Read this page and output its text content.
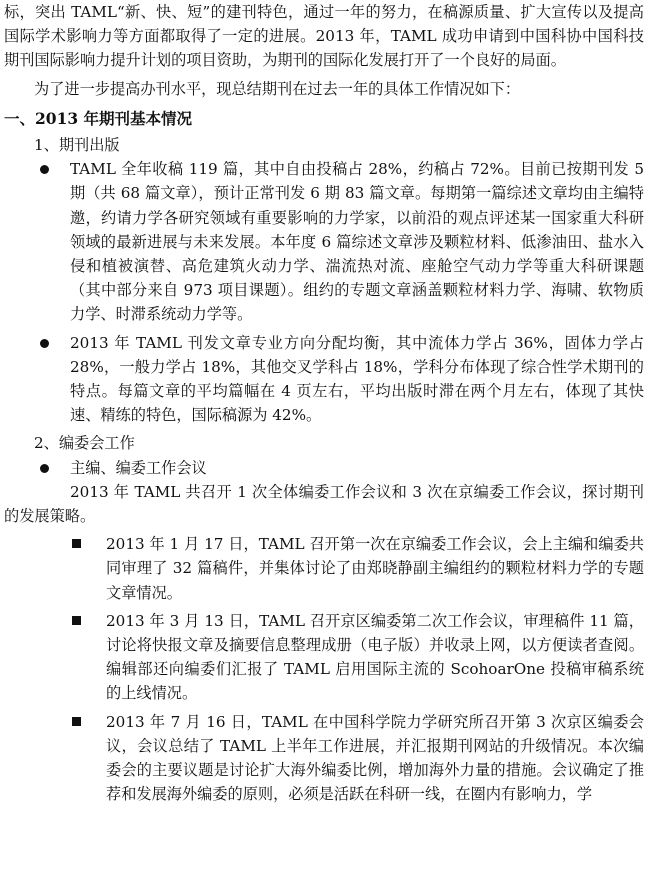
标，突出 TAML“新、快、短”的建刊特色，通过一年的努力，在稿源质量、扩大宣传以及提高国际学术影响力等方面都取得了一定的进展。2013 年，TAML 成功申请到中国科协中国科技期刊国际影响力提升计划的项目资助，为期刊的国际化发展打开了一个良好的局面。

为了进一步提高办刊水平，现总结期刊在过去一年的具体工作情况如下：

一、2013 年期刊基本情况

1、期刊出版

TAML 全年收稿 119 篇，其中自由投稿占 28%，约稿占 72%。目前已按期刊发 5 期（共 68 篇文章），预计正常刊发 6 期 83 篇文章。每期第一篇综述文章均由主编特邀，约请力学各研究领域有重要影响的力学家，以前沿的观点评述某一国家重大科研领域的最新进展与未来发展。本年度 6 篇综述文章涉及颗粒材料、低渗油田、盐水入侵和植被演替、高危建筑火动力学、湍流热对流、座舱空气动力学等重大科研课题（其中部分来自 973 项目课题）。组约的专题文章涵盖颗粒材料力学、海啸、软物质力学、时滞系统动力学等。
2013 年 TAML 刊发文章专业方向分配均衡，其中流体力学占 36%，固体力学占 28%，一般力学占 18%，其他交叉学科占 18%，学科分布体现了综合性学术期刊的特点。每篇文章的平均篇幅在 4 页左右，平均出版时滞在两个月左右，体现了其快速、精练的特色，国际稿源为 42%。

2、编委会工作

主编、编委工作会议

2013 年 TAML 共召开 1 次全体编委工作会议和 3 次在京编委工作会议，探讨期刊的发展策略。

2013 年 1 月 17 日，TAML 召开第一次在京编委工作会议，会上主编和编委共同审理了 32 篇稿件，并集体讨论了由郑晓静副主编组约的颗粒材料力学的专题文章情况。
2013 年 3 月 13 日，TAML 召开京区编委第二次工作会议，审理稿件 11 篇，讨论将快报文章及摘要信息整理成册（电子版）并收录上网，以方便读者查阅。编辑部还向编委们汇报了 TAML 启用国际主流的 ScohoarOne 投稿审稿系统的上线情况。
2013 年 7 月 16 日，TAML 在中国科学院力学研究所召开第 3 次京区编委会议，会议总结了 TAML 上半年工作进展，并汇报期刊网站的升级情况。本次编委会的主要议题是讨论扩大海外编委比例，增加海外力量的措施。会议确定了推荐和发展海外编委的原则，必须是活跃在科研一线，在圈内有影响力，学
